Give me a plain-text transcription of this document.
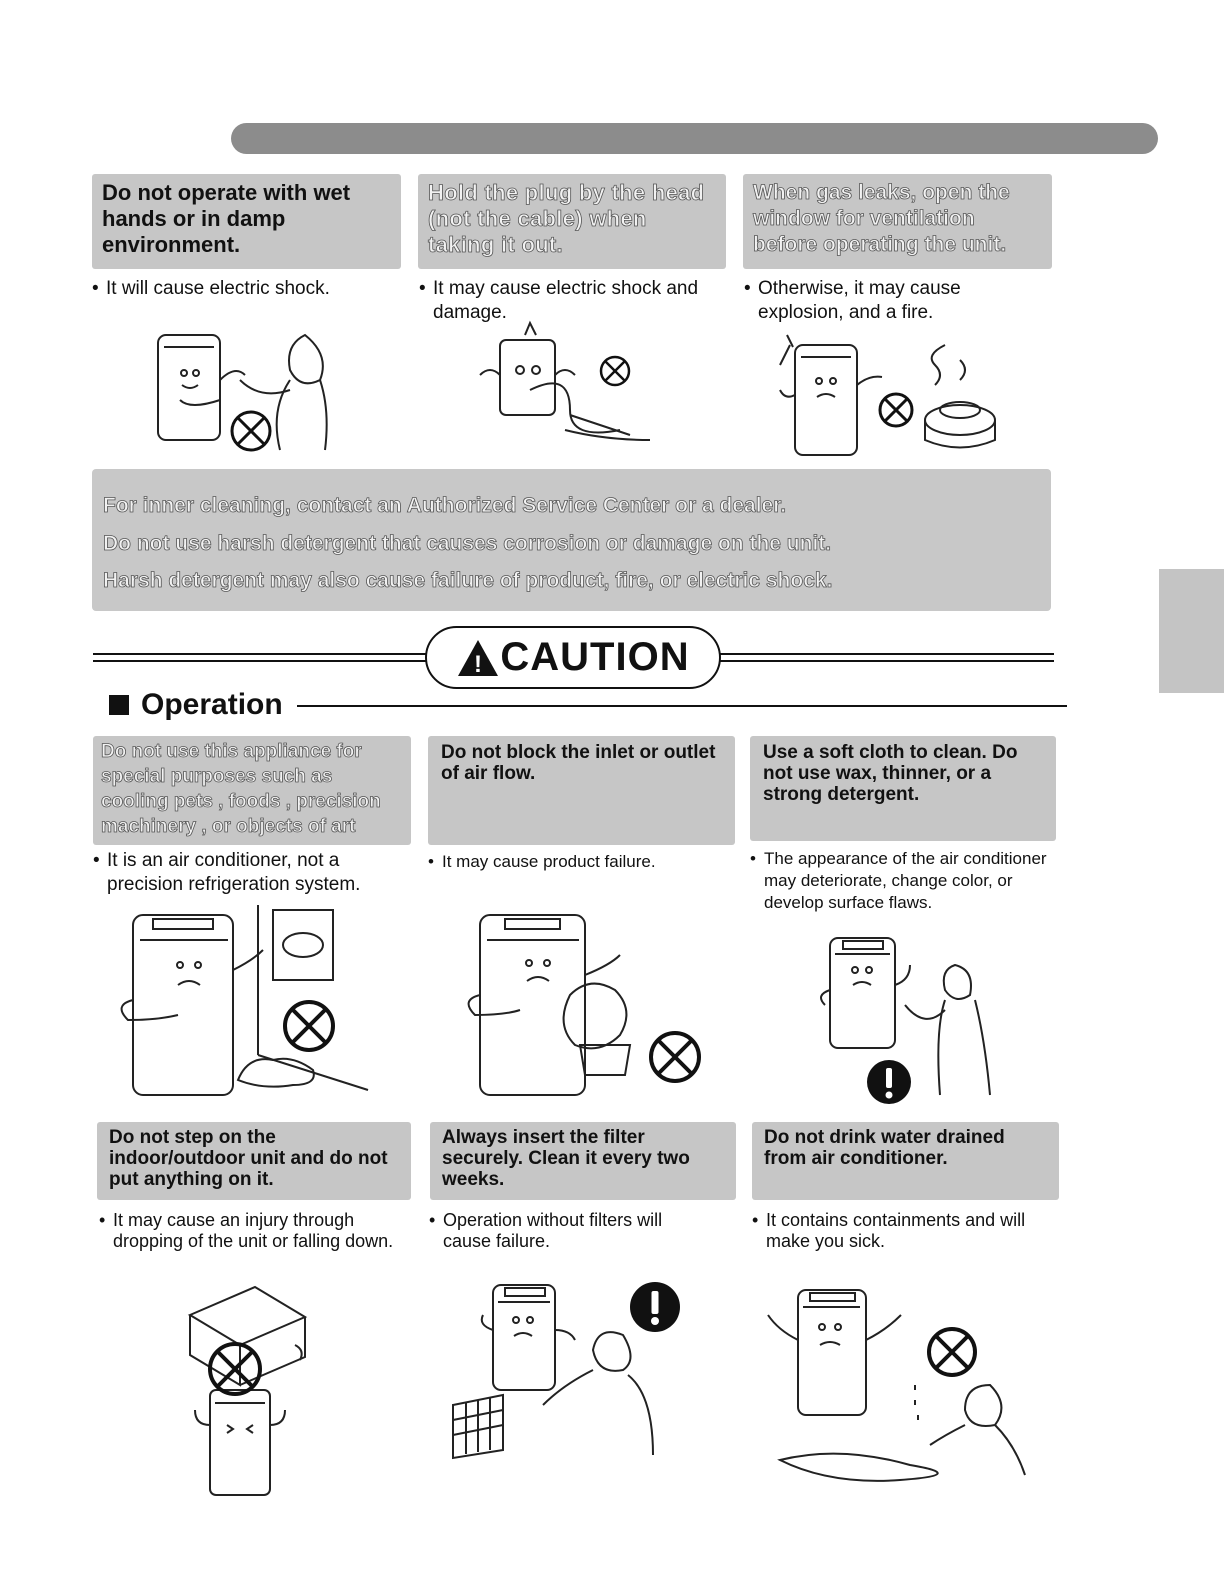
Do not operate with wet hands or in damp environment.
Hold the plug by the head (not the cable) when taking it out.
When gas leaks, open the window for ventilation before operating the unit.
• It will cause electric shock.	• It may cause electric shock and damage.
• Otherwise, it may cause explosion, and a fire.
For inner cleaning, contact an Authorized Service Center or a dealer.
Do not use harsh detergent that causes corrosion or damage on the unit.
Harsh detergent may also cause failure of product, fire, or electric shock.
! CAUTION
Operation
Do not use this appliance for special purposes such as cooling pets , foods , precision machinery , or objects of art
Do not block the inlet or outlet of air flow.
Use a soft cloth to clean. Do not use wax, thinner, or a strong detergent.
• It is an air conditioner, not a precision refrigeration system.
• It may cause product failure.	• The appearance of the air conditioner may deteriorate, change color, or develop surface flaws.
Do not step on the indoor/outdoor unit and do not put anything on it.
Always insert the filter securely. Clean it every two weeks.
Do not drink water drained from air conditioner.
• It may cause an injury through dropping of the unit or falling down.
• Operation without filters will cause failure.
• It contains containments and will make you sick.
